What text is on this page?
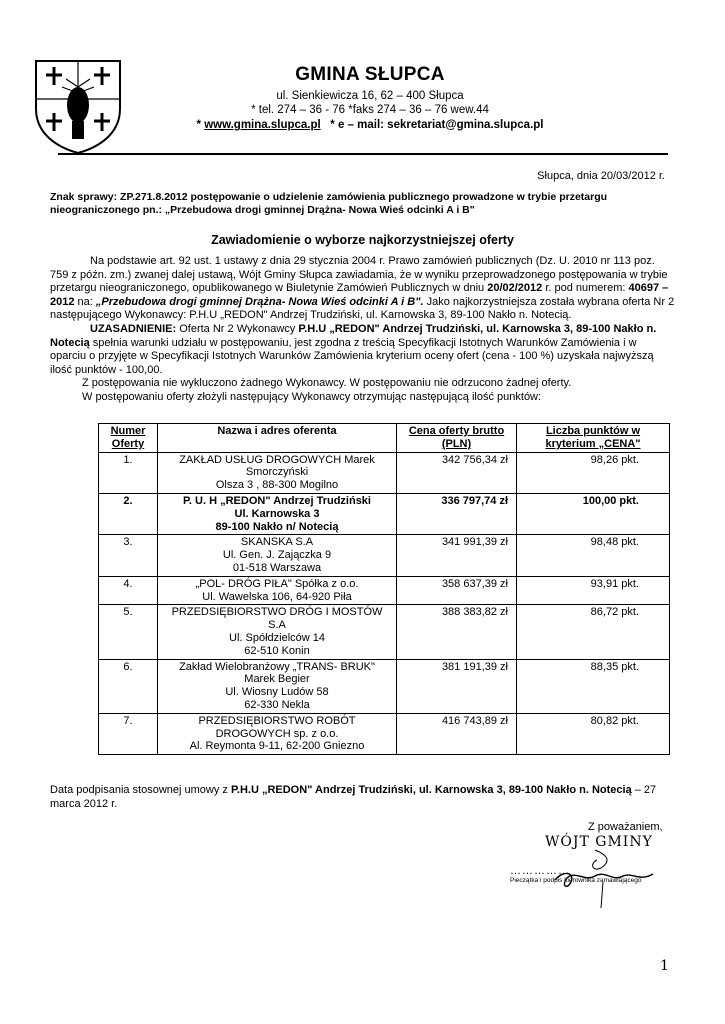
GMINA SŁUPCA
ul. Sienkiewicza 16, 62 – 400 Słupca
* tel. 274 – 36 - 76 *faks 274 – 36 – 76 wew.44
* www.gmina.slupca.pl * e – mail: sekretariat@gmina.slupca.pl
Słupca, dnia 20/03/2012 r.
Znak sprawy: ZP.271.8.2012 postępowanie o udzielenie zamówienia publicznego prowadzone w trybie przetargu nieograniczonego pn.: „Przebudowa drogi gminnej Drążna- Nowa Wieś odcinki A i B"
Zawiadomienie o wyborze najkorzystniejszej oferty

Na podstawie art. 92 ust. 1 ustawy z dnia 29 stycznia 2004 r. Prawo zamówień publicznych (Dz. U. 2010 nr 113 poz. 759 z późn. zm.) zwanej dalej ustawą, Wójt Gminy Słupca zawiadamia, że w wyniku przeprowadzonego postępowania w trybie przetargu nieograniczonego, opublikowanego w Biuletynie Zamówień Publicznych w dniu 20/02/2012 r. pod numerem: 40697 – 2012 na: „Przebudowa drogi gminnej Drążna- Nowa Wieś odcinki A i B". Jako najkorzystniejsza została wybrana oferta Nr 2 następującego Wykonawcy: P.H.U „REDON" Andrzej Trudziński, ul. Karnowska 3, 89-100 Nakło n. Notecią.

UZASADNIENIE: Oferta Nr 2 Wykonawcy P.H.U „REDON" Andrzej Trudziński, ul. Karnowska 3, 89-100 Nakło n. Notecią spełnia warunki udziału w postępowaniu, jest zgodna z treścią Specyfikacji Istotnych Warunków Zamówienia i w oparciu o przyjęte w Specyfikacji Istotnych Warunków Zamówienia kryterium oceny ofert (cena - 100 %) uzyskała najwyższą ilość punktów - 100,00.

Z postępowania nie wykluczono żadnego Wykonawcy. W postępowaniu nie odrzucono żadnej oferty.

W postępowaniu oferty złożyli następujący Wykonawcy otrzymując następującą ilość punktów:

Numer Oferty	Nazwa i adres oferenta	Cena oferty brutto (PLN)	Liczba punktów w kryterium „CENA"
1.	ZAKŁAD USŁUG DROGOWYCH Marek
Smorczyński
Olsza 3 , 88-300 Mogilno	342 756,34 zł	98,26 pkt.
2.	P. U. H „REDON" Andrzej Trudziński
Ul. Karnowska 3
89-100 Nakło n/ Notecią	336 797,74 zł	100,00 pkt.
3.	SKANSKA S.A
Ul. Gen. J. Zajączka 9
01-518 Warszawa	341 991,39 zł	98,48 pkt.
4.	„POL- DRÓG PIŁA" Spółka z o.o.
Ul. Wawelska 106, 64-920 Piła	358 637,39 zł	93,91 pkt.
5.	PRZEDSIĘBIORSTWO DRÓG I MOSTÓW
S.A
Ul. Spółdzielców 14
62-510 Konin	388 383,82 zł	86,72 pkt.
6.	Zakład Wielobranżowy „TRANS- BRUK"
Marek Begier
Ul. Wiosny Ludów 58
62-330 Nekla	381 191,39 zł	88,35 pkt.
7.	PRZEDSIĘBIORSTWO ROBÓT
DROGOWYCH sp. z o.o.
Al. Reymonta 9-11, 62-200 Gniezno	416 743,89 zł	80,82 pkt.
Data podpisania stosownej umowy z P.H.U „REDON" Andrzej Trudziński, ul. Karnowska 3, 89-100 Nakło n. Notecią – 27 marca 2012 r.
Z poważaniem,
WÓJT GMINY
……………
Pieczątka i podpis kierownika zamawiającego
1
